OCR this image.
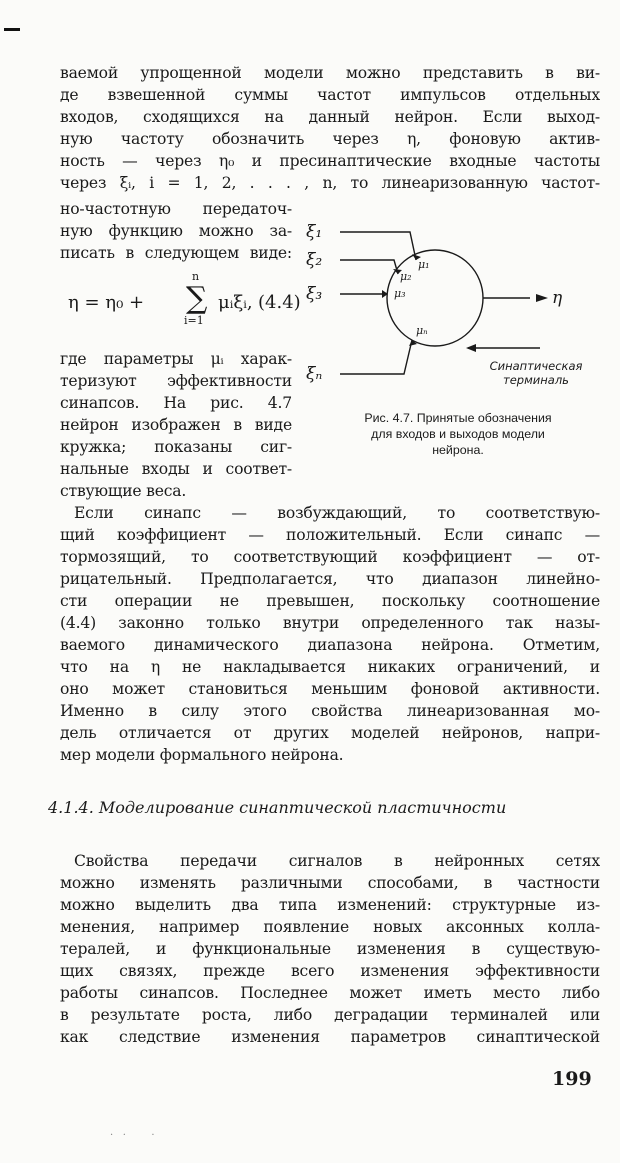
ваемой упрощенной модели можно представить в ви-
де взвешенной суммы частот импульсов отдельных
входов, сходящихся на данный нейрон. Если выход-
ную частоту обозначить через η, фоновую актив-
ность — через η₀ и пресинаптические входные частоты
через ξᵢ, i = 1, 2, . . . , n, то линеаризованную частот-
но-частотную передаточ-
ную функцию можно за-
писать в следующем виде:
η = η₀ +
n
∑
i=1
μᵢξᵢ, (4.4)
где параметры μᵢ харак-
теризуют эффективности
синапсов. На рис. 4.7
нейрон изображен в виде
кружка; показаны сиг-
нальные входы и соответ-
ствующие веса.
ξ₁
ξ₂
ξ₃
ξₙ
η
μ₁
μ₂
μ₃
μₙ
Синаптическая
терминаль
Рис. 4.7. Принятые обозначения
для входов и выходов модели
нейрона.
Если синапс — возбуждающий, то соответствую-
щий коэффициент — положительный. Если синапс —
тормозящий, то соответствующий коэффициент — от-
рицательный. Предполагается, что диапазон линейно-
сти операции не превышен, поскольку соотношение
(4.4) законно только внутри определенного так назы-
ваемого динамического диапазона нейрона. Отметим,
что на η не накладывается никаких ограничений, и
оно может становиться меньшим фоновой активности.
Именно в силу этого свойства линеаризованная мо-
дель отличается от других моделей нейронов, напри-
мер модели формального нейрона.
4.1.4. Моделирование синаптической пластичности
Свойства передачи сигналов в нейронных сетях
можно изменять различными способами, в частности
можно выделить два типа изменений: структурные из-
менения, например появление новых аксонных колла-
тералей, и функциональные изменения в существую-
щих связях, прежде всего изменения эффективности
работы синапсов. Последнее может иметь место либо
в результате роста, либо деградации терминалей или
как следствие изменения параметров синаптической
199
·   ·        ·
